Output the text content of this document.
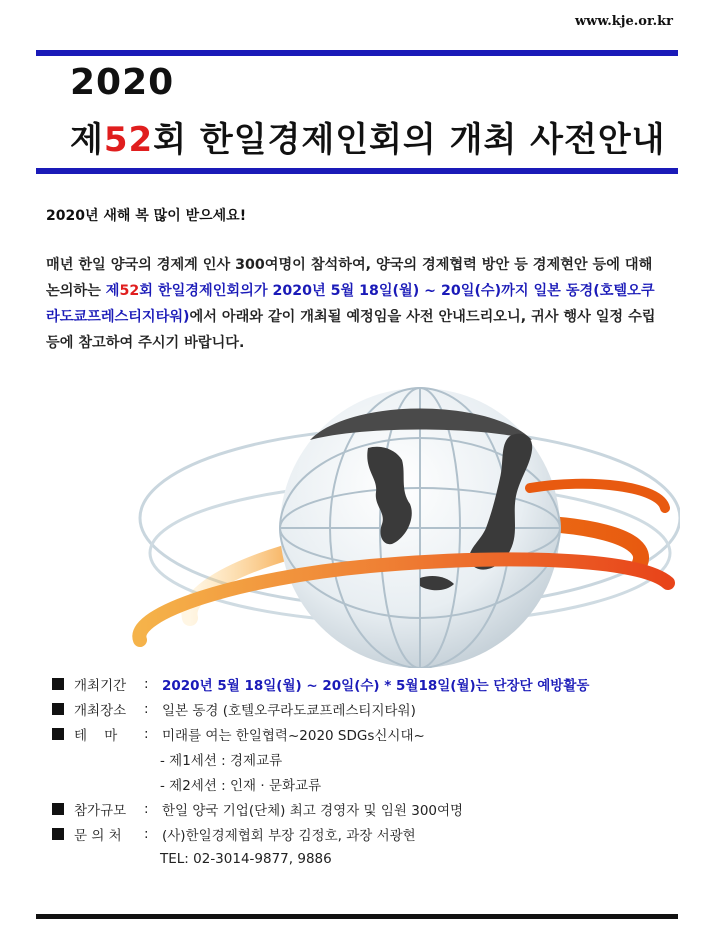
www.kje.or.kr
2020
제52회 한일경제인회의 개최 사전안내
2020년 새해 복 많이 받으세요!
매년 한일 양국의 경제계 인사 300여명이 참석하여, 양국의 경제협력 방안 등 경제현안 등에 대해 논의하는 제52회 한일경제인회의가 2020년 5월 18일(월) ~ 20일(수)까지 일본 동경(호텔오쿠라도쿄프레스티지타워)에서 아래와 같이 개최될 예정임을 사전 안내드리오니, 귀사 행사 일정 수립 등에 참고하여 주시기 바랍니다.
개최기간	: 2020년 5월 18일(월) ~ 20일(수) * 5월18일(월)는 단장단 예방활동
개최장소	: 일본 동경 (호텔오쿠라도쿄프레스티지타워)
테    마	: 미래를 여는 한일협력~2020 SDGs신시대~
- 제1세션 : 경제교류
- 제2세션 : 인재 · 문화교류
참가규모	: 한일 양국 기업(단체) 최고 경영자 및 임원 300여명
문 의 처	: (사)한일경제협회 부장 김정호, 과장 서광현
TEL: 02-3014-9877, 9886
